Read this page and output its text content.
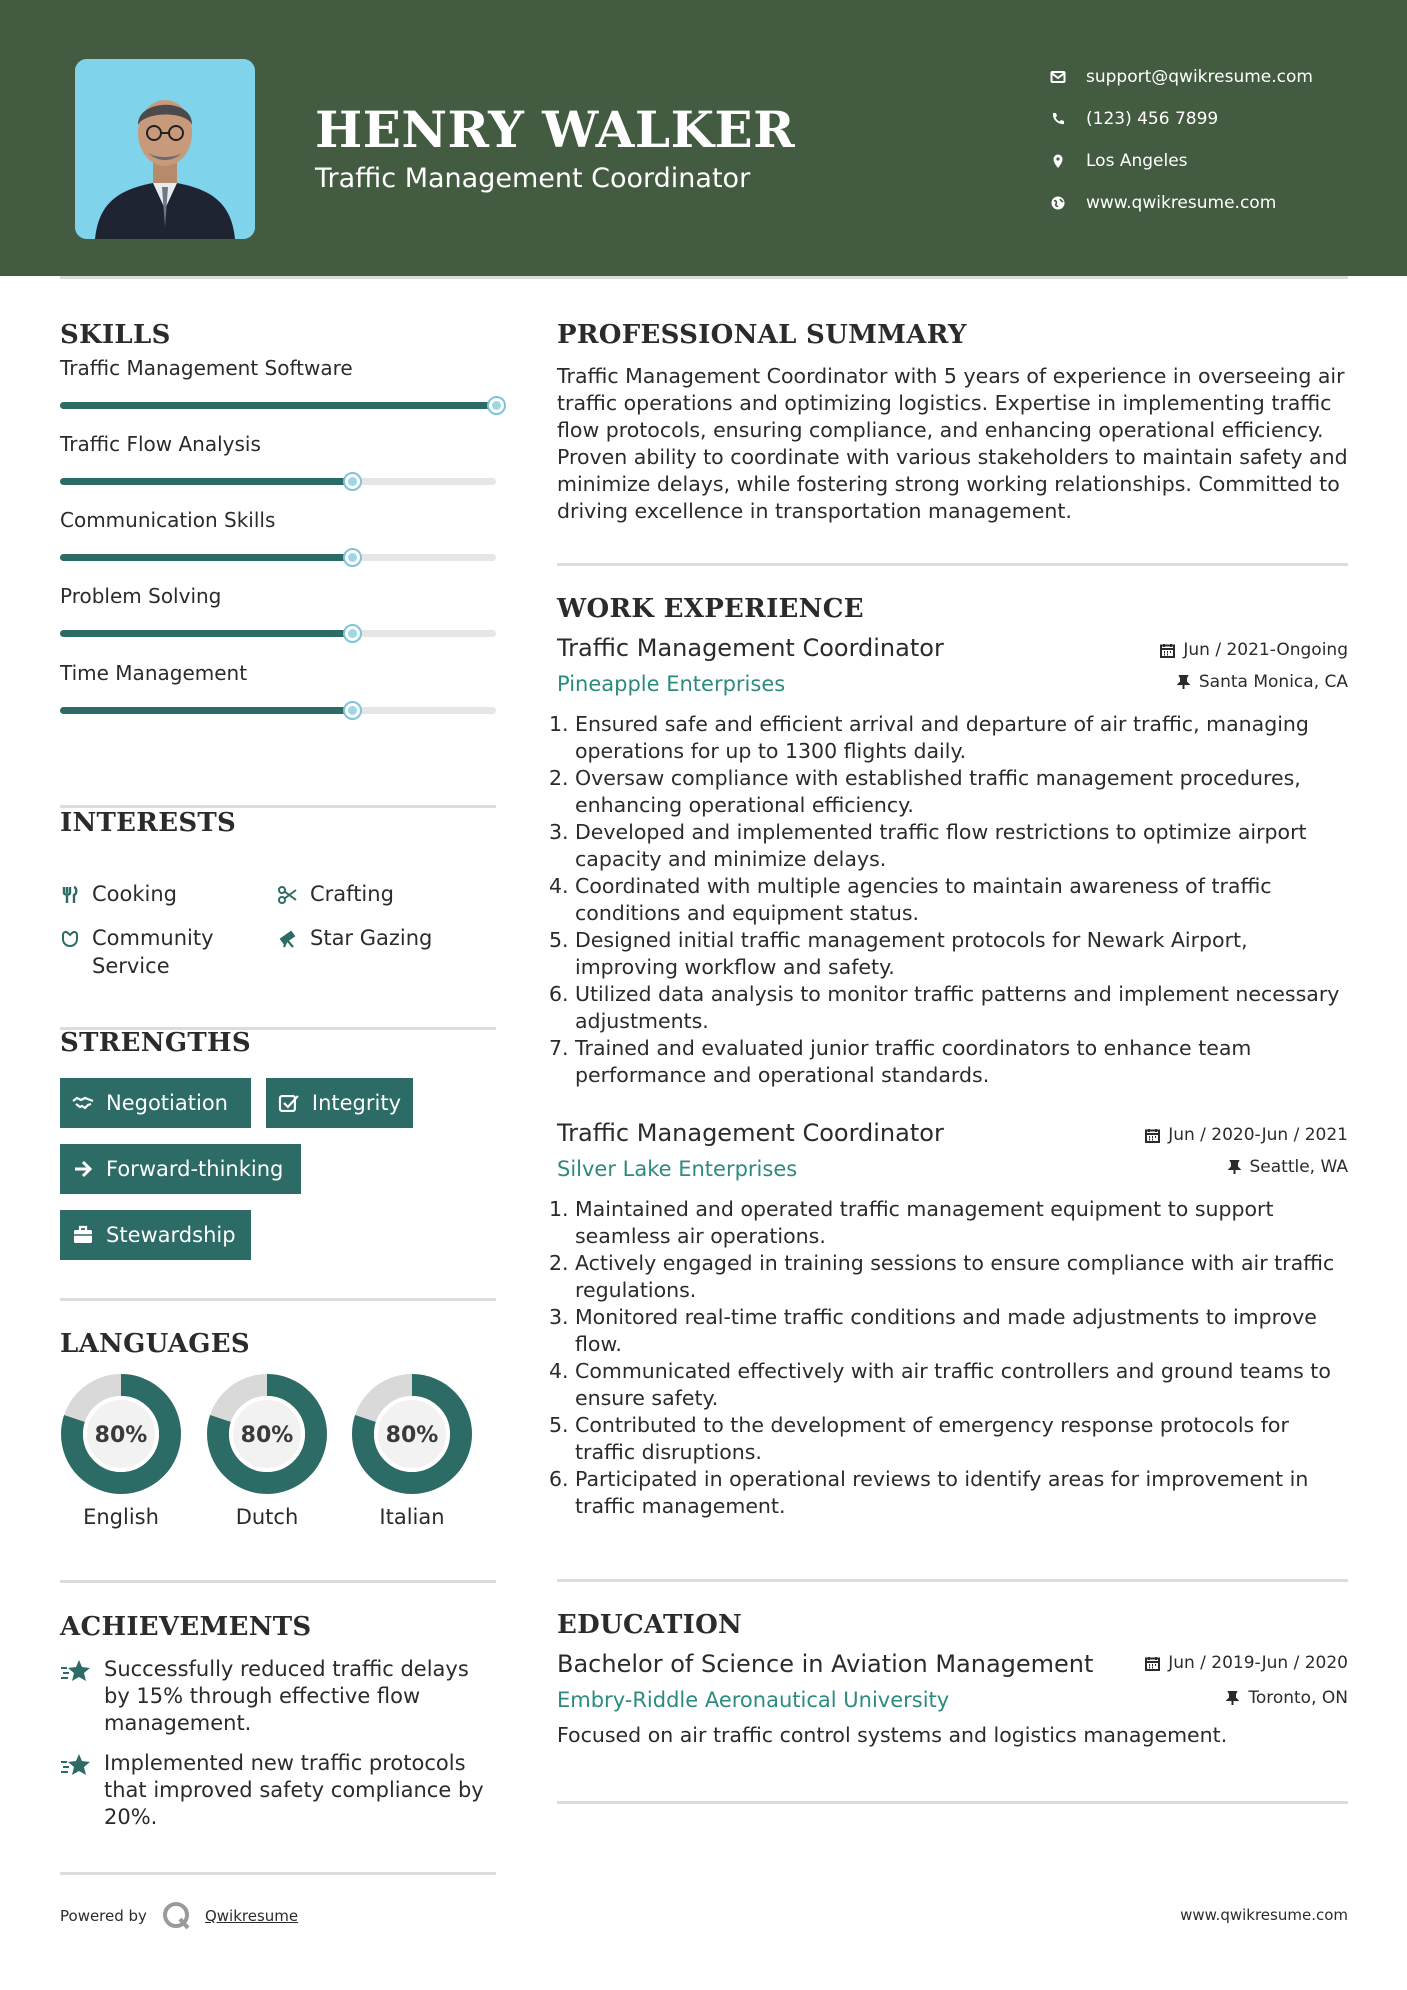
HENRY WALKER
Traffic Management Coordinator
support@qwikresume.com
(123) 456 7899
Los Angeles
www.qwikresume.com
SKILLS
Traffic Management Software
Traffic Flow Analysis
Communication Skills
Problem Solving
Time Management
INTERESTS
Cooking	Crafting
Community Service
Star Gazing
STRENGTHS
Negotiation	Integrity
Forward-thinking
Stewardship
LANGUAGES
80%
English
80%
Dutch
80%
Italian
ACHIEVEMENTS
Successfully reduced traffic delays by 15% through effective flow management.
Implemented new traffic protocols that improved safety compliance by 20%.
PROFESSIONAL SUMMARY

Traffic Management Coordinator with 5 years of experience in overseeing air traffic operations and optimizing logistics. Expertise in implementing traffic flow protocols, ensuring compliance, and enhancing operational efficiency. Proven ability to coordinate with various stakeholders to maintain safety and minimize delays, while fostering strong working relationships. Committed to driving excellence in transportation management.

WORK EXPERIENCE
Traffic Management Coordinator	Jun / 2021-Ongoing
Pineapple Enterprises	Santa Monica, CA
Ensured safe and efficient arrival and departure of air traffic, managing operations for up to 1300 flights daily.
Oversaw compliance with established traffic management procedures, enhancing operational efficiency.
Developed and implemented traffic flow restrictions to optimize airport capacity and minimize delays.
Coordinated with multiple agencies to maintain awareness of traffic conditions and equipment status.
Designed initial traffic management protocols for Newark Airport, improving workflow and safety.
Utilized data analysis to monitor traffic patterns and implement necessary adjustments.
Trained and evaluated junior traffic coordinators to enhance team performance and operational standards.
Traffic Management Coordinator	Jun / 2020-Jun / 2021
Silver Lake Enterprises	Seattle, WA
Maintained and operated traffic management equipment to support seamless air operations.
Actively engaged in training sessions to ensure compliance with air traffic regulations.
Monitored real-time traffic conditions and made adjustments to improve flow.
Communicated effectively with air traffic controllers and ground teams to ensure safety.
Contributed to the development of emergency response protocols for traffic disruptions.
Participated in operational reviews to identify areas for improvement in traffic management.
EDUCATION
Bachelor of Science in Aviation Management	Jun / 2019-Jun / 2020
Embry-Riddle Aeronautical University	Toronto, ON

Focused on air traffic control systems and logistics management.

Powered by	Qwikresume	www.qwikresume.com
